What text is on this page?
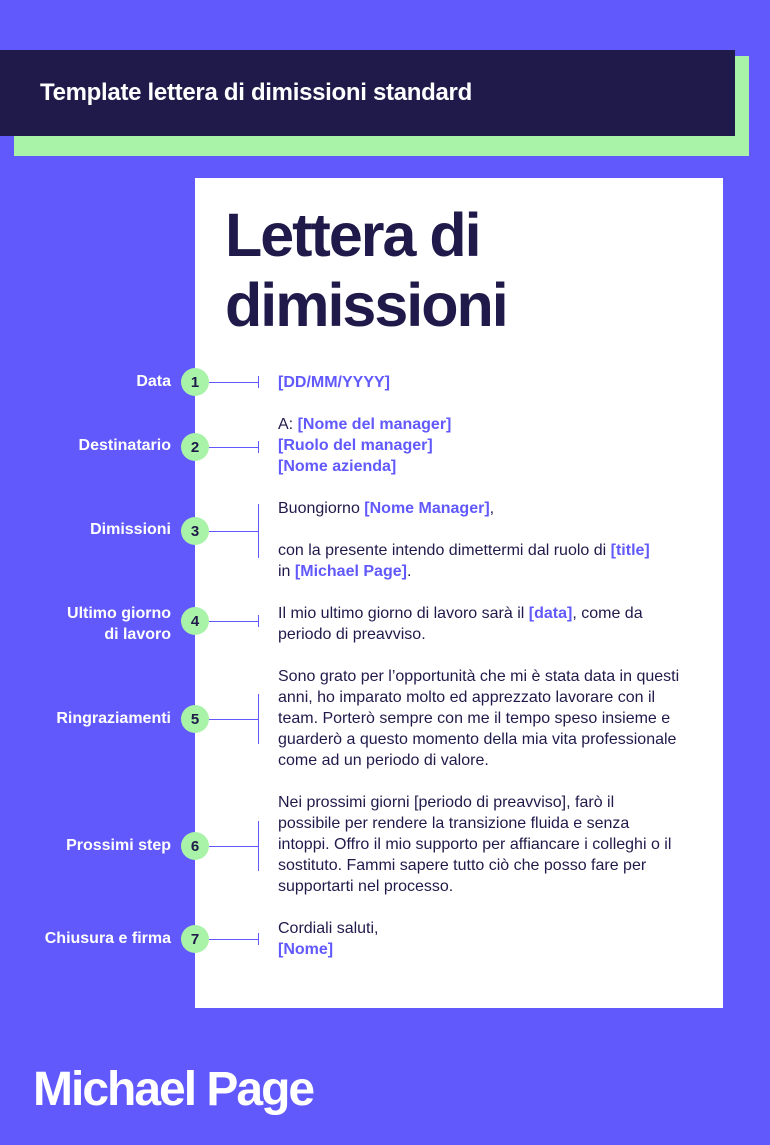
Template lettera di dimissioni standard
Lettera di dimissioni
Data
Destinatario
Dimissioni
Ultimo giorno
di lavoro
Ringraziamenti
Prossimi step
Chiusura e firma
1
2
3
4
5
6
7
[DD/MM/YYYY]
A: [Nome del manager]
[Ruolo del manager]
[Nome azienda]
Buongiorno [Nome Manager],
con la presente intendo dimettermi dal ruolo di [title]
in [Michael Page].
Il mio ultimo giorno di lavoro sarà il [data], come da periodo di preavviso.
Sono grato per l’opportunità che mi è stata data in questi anni, ho imparato molto ed apprezzato lavorare con il team. Porterò sempre con me il tempo speso insieme e guarderò a questo momento della mia vita professionale come ad un periodo di valore.
Nei prossimi giorni [periodo di preavviso], farò il possibile per rendere la transizione fluida e senza intoppi. Offro il mio supporto per affiancare i colleghi o il sostituto. Fammi sapere tutto ciò che posso fare per supportarti nel processo.
Cordiali saluti,
[Nome]
Michael Page
